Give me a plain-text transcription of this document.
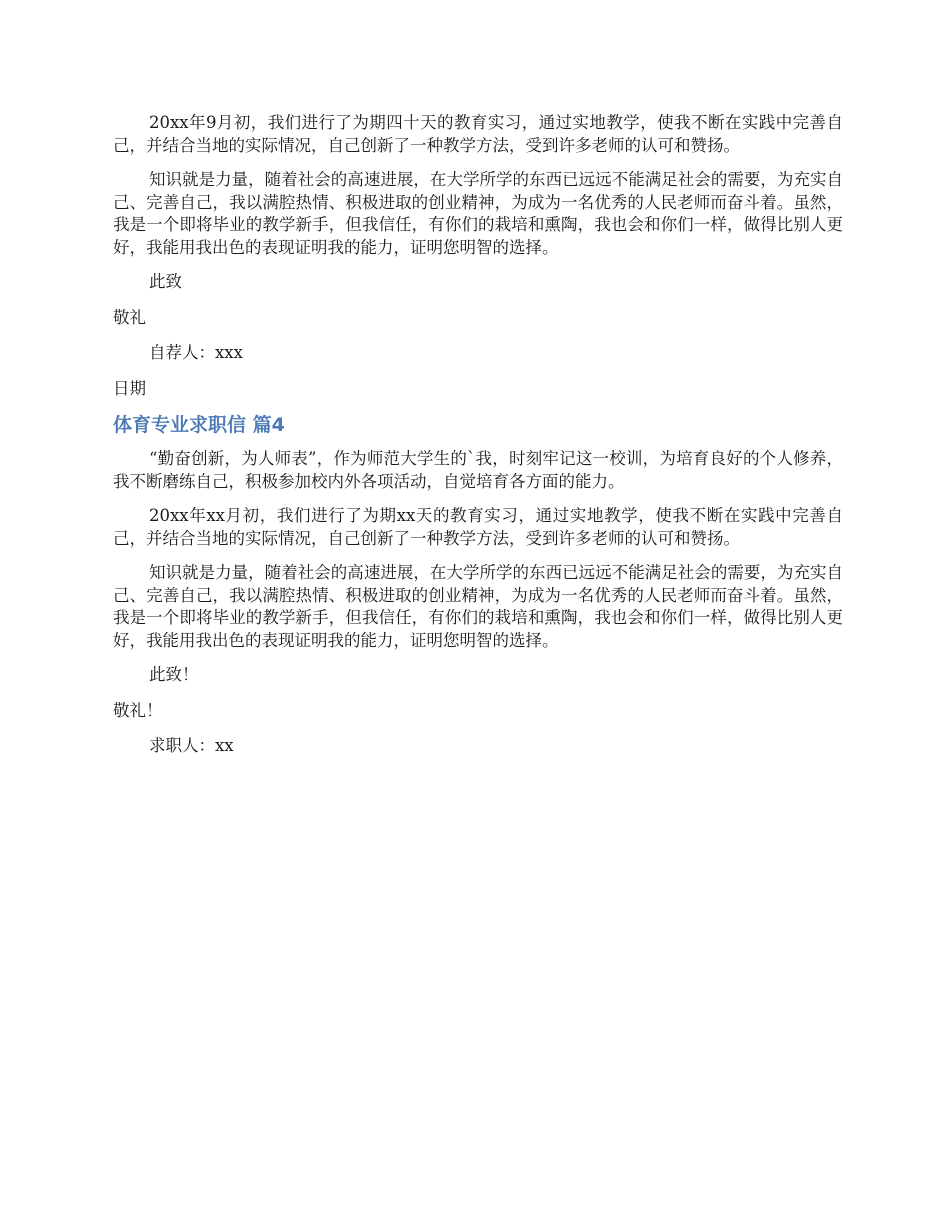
20xx年9月初，我们进行了为期四十天的教育实习，通过实地教学，使我不断在实践中完善自己，并结合当地的实际情况，自己创新了一种教学方法，受到许多老师的认可和赞扬。

知识就是力量，随着社会的高速进展，在大学所学的东西已远远不能满足社会的需要，为充实自己、完善自己，我以满腔热情、积极进取的创业精神，为成为一名优秀的人民老师而奋斗着。虽然，我是一个即将毕业的教学新手，但我信任，有你们的栽培和熏陶，我也会和你们一样，做得比别人更好，我能用我出色的表现证明我的能力，证明您明智的选择。

此致

敬礼

自荐人：xxx

日期

体育专业求职信 篇4

“勤奋创新，为人师表”，作为师范大学生的`我，时刻牢记这一校训，为培育良好的个人修养，我不断磨练自己，积极参加校内外各项活动，自觉培育各方面的能力。

20xx年xx月初，我们进行了为期xx天的教育实习，通过实地教学，使我不断在实践中完善自己，并结合当地的实际情况，自己创新了一种教学方法，受到许多老师的认可和赞扬。

知识就是力量，随着社会的高速进展，在大学所学的东西已远远不能满足社会的需要，为充实自己、完善自己，我以满腔热情、积极进取的创业精神，为成为一名优秀的人民老师而奋斗着。虽然，我是一个即将毕业的教学新手，但我信任，有你们的栽培和熏陶，我也会和你们一样，做得比别人更好，我能用我出色的表现证明我的能力，证明您明智的选择。

此致！

敬礼！

求职人：xx
